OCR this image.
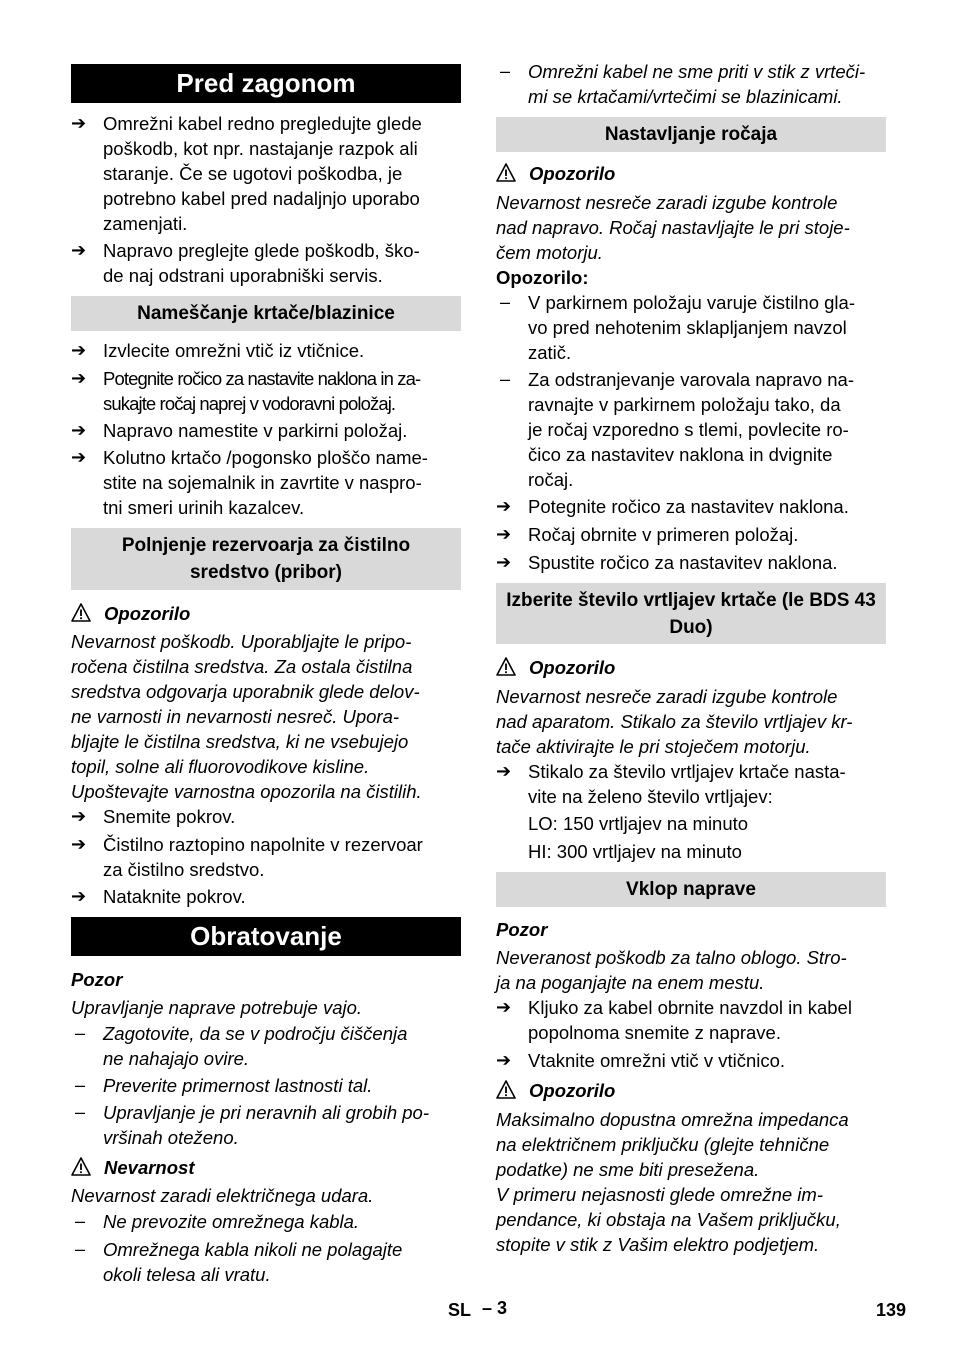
Pred zagonom
➔ Omrežni kabel redno pregledujte glede
poškodb, kot npr. nastajanje razpok ali
staranje. Če se ugotovi poškodba, je
potrebno kabel pred nadaljnjo uporabo
zamenjati.
➔ Napravo preglejte glede poškodb, ško-
de naj odstrani uporabniški servis.
Nameščanje krtače/blazinice
➔ Izvlecite omrežni vtič iz vtičnice.
➔ Potegnite ročico za nastavite naklona in za-
sukajte ročaj naprej v vodoravni položaj.
➔ Napravo namestite v parkirni položaj.
➔ Kolutno krtačo /pogonsko ploščo name-
stite na sojemalnik in zavrtite v naspro-
tni smeri urinih kazalcev.
Polnjenje rezervoarja za čistilno sredstvo (pribor)
Opozorilo
Nevarnost poškodb. Uporabljajte le pripo-
ročena čistilna sredstva. Za ostala čistilna
sredstva odgovarja uporabnik glede delov-
ne varnosti in nevarnosti nesreč. Upora-
bljajte le čistilna sredstva, ki ne vsebujejo
topil, solne ali fluorovodikove kisline.
Upoštevajte varnostna opozorila na čistilih.
➔ Snemite pokrov.
➔ Čistilno raztopino napolnite v rezervoar
za čistilno sredstvo.
➔ Nataknite pokrov.
Obratovanje
Pozor
Upravljanje naprave potrebuje vajo.
– Zagotovite, da se v področju čiščenja
ne nahajajo ovire.
– Preverite primernost lastnosti tal.
– Upravljanje je pri neravnih ali grobih po-
vršinah oteženo.
Nevarnost
Nevarnost zaradi električnega udara.
– Ne prevozite omrežnega kabla.
– Omrežnega kabla nikoli ne polagajte
okoli telesa ali vratu.
– Omrežni kabel ne sme priti v stik z vrteči-
mi se krtačami/vrtečimi se blazinicami.
Nastavljanje ročaja
Opozorilo
Nevarnost nesreče zaradi izgube kontrole
nad napravo. Ročaj nastavljajte le pri stoje-
čem motorju.
Opozorilo:
– V parkirnem položaju varuje čistilno gla-
vo pred nehotenim sklapljanjem navzol
zatič.
– Za odstranjevanje varovala napravo na-
ravnajte v parkirnem položaju tako, da
je ročaj vzporedno s tlemi, povlecite ro-
čico za nastavitev naklona in dvignite
ročaj.
➔ Potegnite ročico za nastavitev naklona.
➔ Ročaj obrnite v primeren položaj.
➔ Spustite ročico za nastavitev naklona.
Izberite število vrtljajev krtače (le BDS 43 Duo)
Opozorilo
Nevarnost nesreče zaradi izgube kontrole
nad aparatom. Stikalo za število vrtljajev kr-
tače aktivirajte le pri stoječem motorju.
➔ Stikalo za število vrtljajev krtače nasta-
vite na želeno število vrtljajev:
LO: 150 vrtljajev na minuto
HI: 300 vrtljajev na minuto
Vklop naprave
Pozor
Neveranost poškodb za talno oblogo. Stro-
ja na poganjajte na enem mestu.
➔ Kljuko za kabel obrnite navzdol in kabel
popolnoma snemite z naprave.
➔ Vtaknite omrežni vtič v vtičnico.
Opozorilo
Maksimalno dopustna omrežna impedanca
na električnem priključku (glejte tehnične
podatke) ne sme biti presežena.
V primeru nejasnosti glede omrežne im-
pendance, ki obstaja na Vašem priključku,
stopite v stik z Vašim elektro podjetjem.
SL – 3	139
